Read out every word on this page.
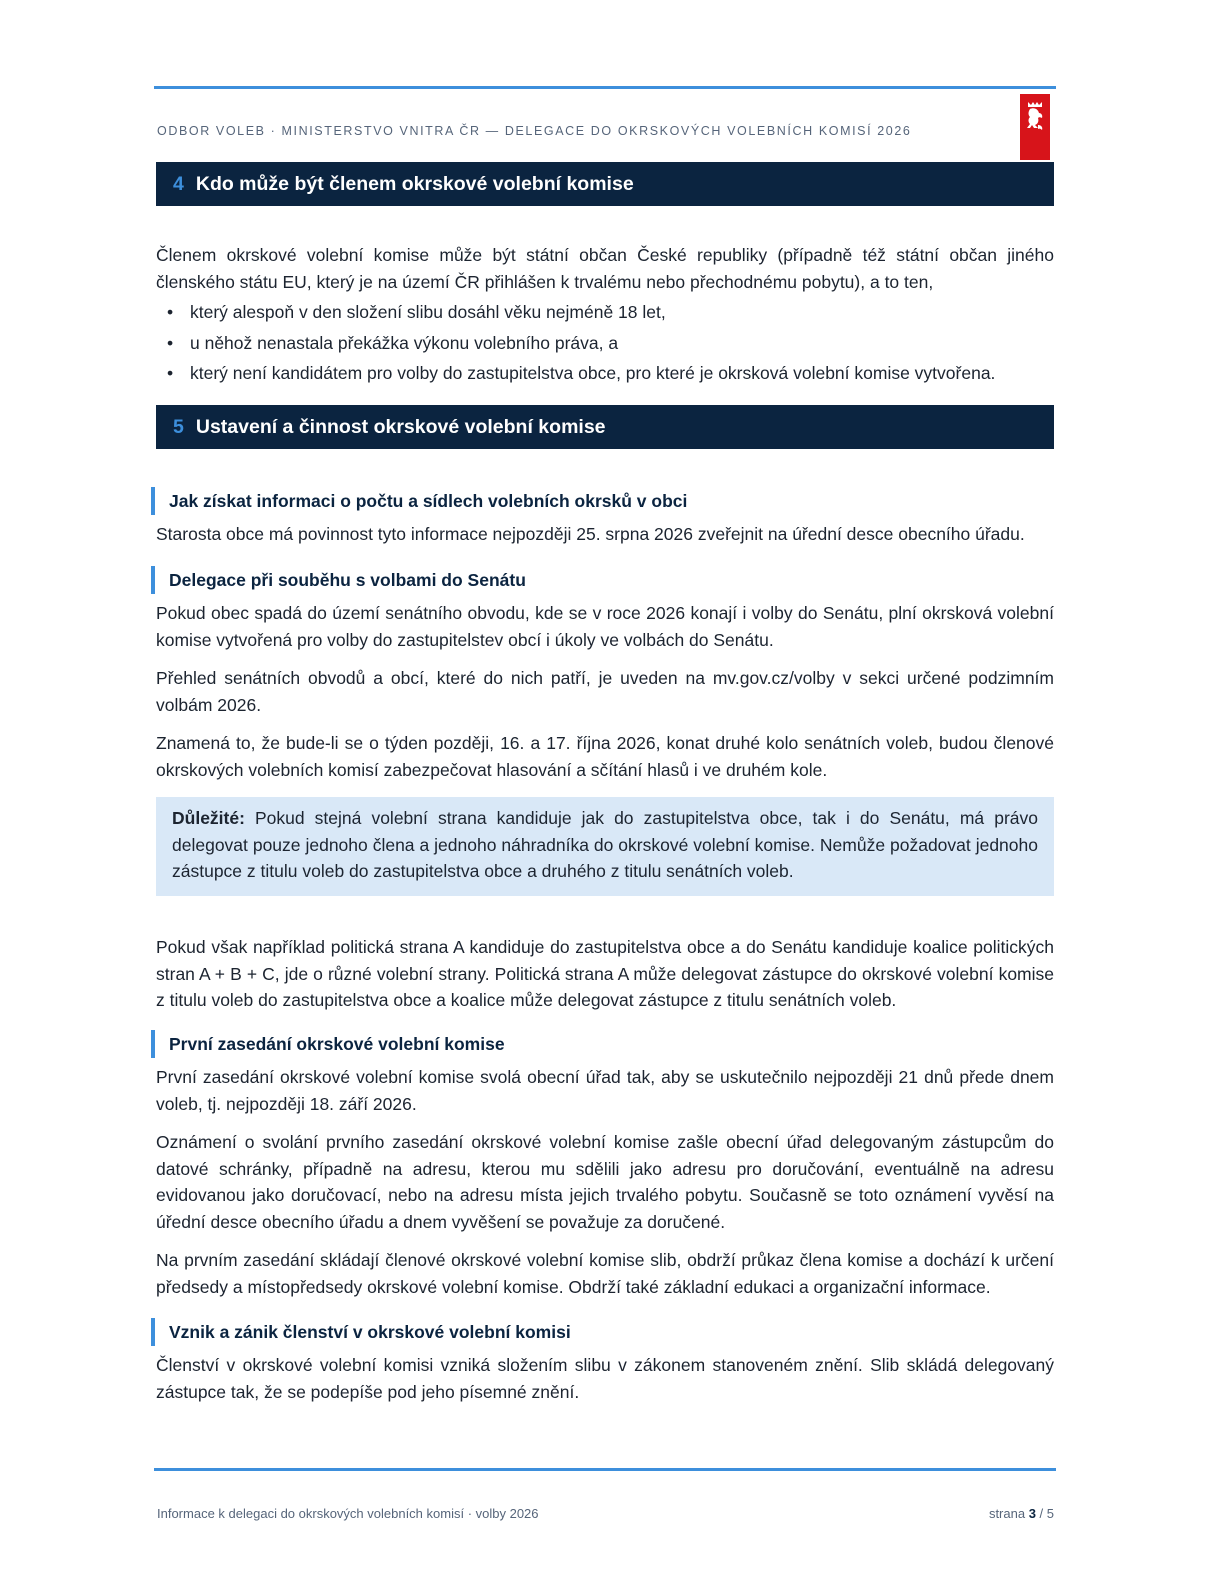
ODBOR VOLEB · MINISTERSTVO VNITRA ČR — DELEGACE DO OKRSKOVÝCH VOLEBNÍCH KOMISÍ 2026
4 Kdo může být členem okrskové volební komise

Členem okrskové volební komise může být státní občan České republiky (případně též státní občan jiného členského státu EU, který je na území ČR přihlášen k trvalému nebo přechodnému pobytu), a to ten,

• který alespoň v den složení slibu dosáhl věku nejméně 18 let,
• u něhož nenastala překážka výkonu volebního práva, a
• který není kandidátem pro volby do zastupitelstva obce, pro které je okrsková volební komise vytvořena.
5 Ustavení a činnost okrskové volební komise
Jak získat informaci o počtu a sídlech volebních okrsků v obci

Starosta obce má povinnost tyto informace nejpozději 25. srpna 2026 zveřejnit na úřední desce obecního úřadu.

Delegace při souběhu s volbami do Senátu

Pokud obec spadá do území senátního obvodu, kde se v roce 2026 konají i volby do Senátu, plní okrsková volební komise vytvořená pro volby do zastupitelstev obcí i úkoly ve volbách do Senátu.

Přehled senátních obvodů a obcí, které do nich patří, je uveden na mv.gov.cz/volby v sekci určené podzimním volbám 2026.

Znamená to, že bude-li se o týden později, 16. a 17. října 2026, konat druhé kolo senátních voleb, budou členové okrskových volebních komisí zabezpečovat hlasování a sčítání hlasů i ve druhém kole.

Důležité: Pokud stejná volební strana kandiduje jak do zastupitelstva obce, tak i do Senátu, má právo delegovat pouze jednoho člena a jednoho náhradníka do okrskové volební komise. Nemůže požadovat jednoho zástupce z titulu voleb do zastupitelstva obce a druhého z titulu senátních voleb.

Pokud však například politická strana A kandiduje do zastupitelstva obce a do Senátu kandiduje koalice politických stran A + B + C, jde o různé volební strany. Politická strana A může delegovat zástupce do okrskové volební komise z titulu voleb do zastupitelstva obce a koalice může delegovat zástupce z titulu senátních voleb.

První zasedání okrskové volební komise

První zasedání okrskové volební komise svolá obecní úřad tak, aby se uskutečnilo nejpozději 21 dnů přede dnem voleb, tj. nejpozději 18. září 2026.

Oznámení o svolání prvního zasedání okrskové volební komise zašle obecní úřad delegovaným zástupcům do datové schránky, případně na adresu, kterou mu sdělili jako adresu pro doručování, eventuálně na adresu evidovanou jako doručovací, nebo na adresu místa jejich trvalého pobytu. Současně se toto oznámení vyvěsí na úřední desce obecního úřadu a dnem vyvěšení se považuje za doručené.

Na prvním zasedání skládají členové okrskové volební komise slib, obdrží průkaz člena komise a dochází k určení předsedy a místopředsedy okrskové volební komise. Obdrží také základní edukaci a organizační informace.

Vznik a zánik členství v okrskové volební komisi

Členství v okrskové volební komisi vzniká složením slibu v zákonem stanoveném znění. Slib skládá delegovaný zástupce tak, že se podepíše pod jeho písemné znění.

Informace k delegaci do okrskových volebních komisí · volby 2026	strana 3 / 5
